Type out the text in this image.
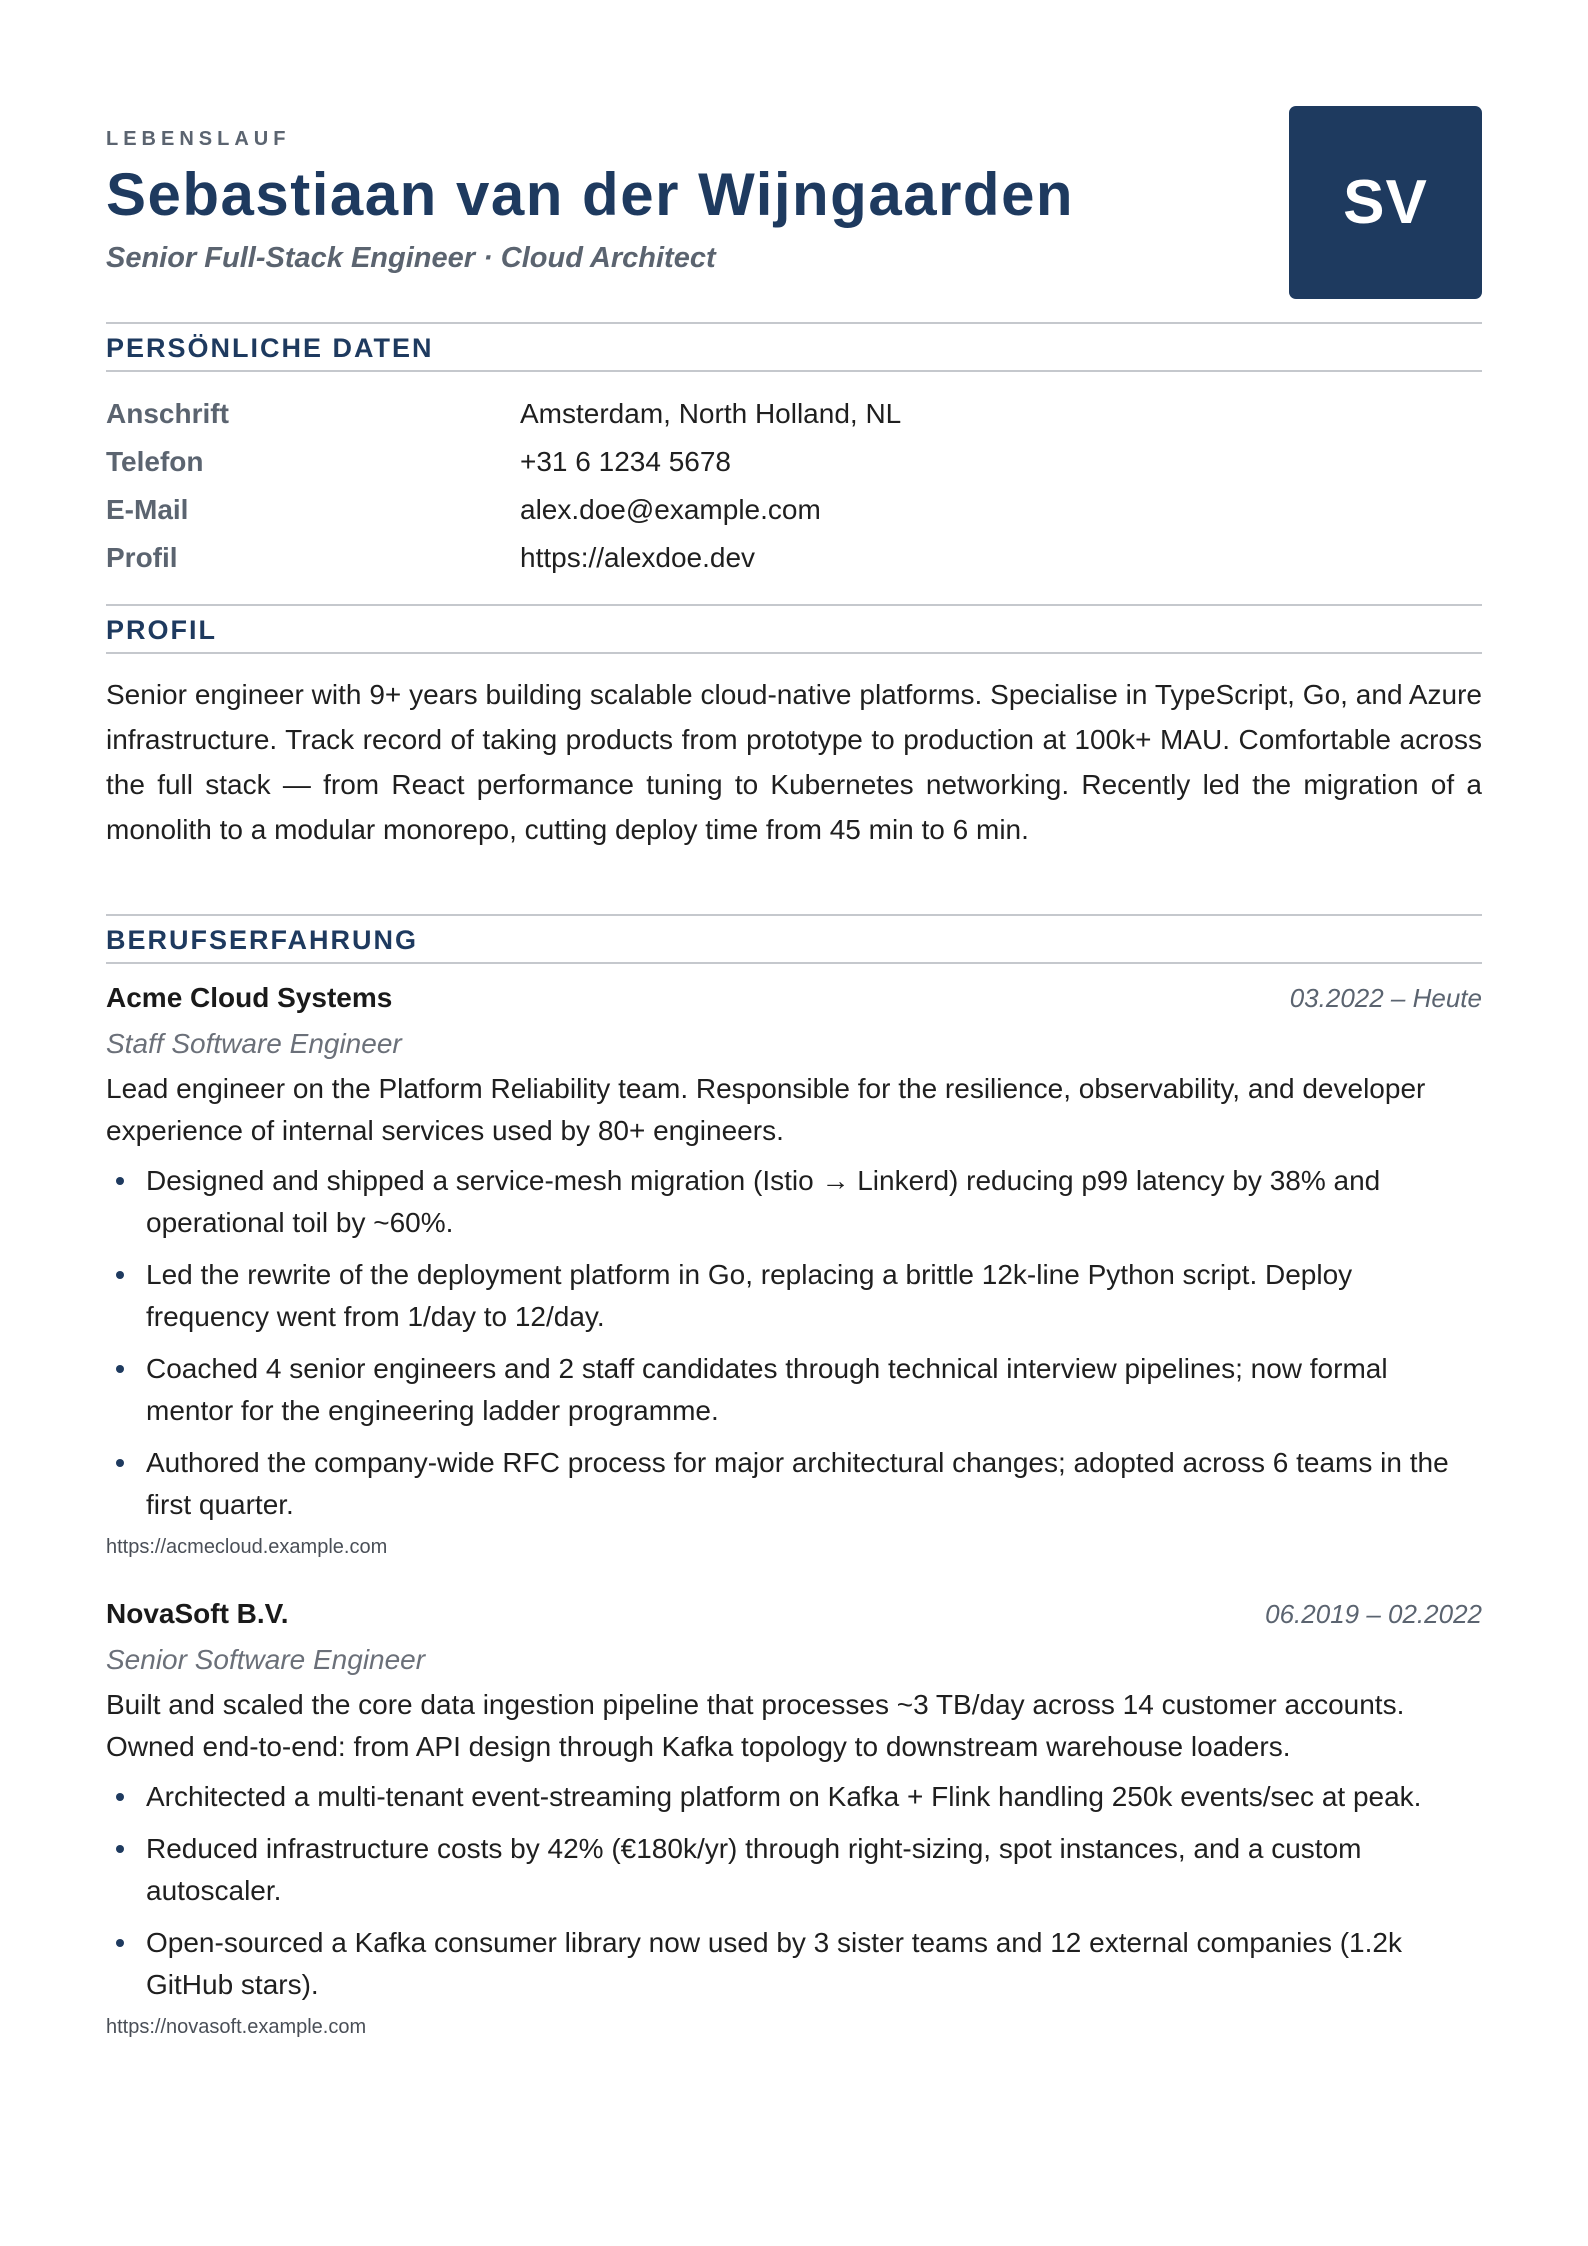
LEBENSLAUF
Sebastiaan van der Wijngaarden
Senior Full-Stack Engineer · Cloud Architect
SV
PERSÖNLICHE DATEN
Anschrift	Amsterdam, North Holland, NL
Telefon	+31 6 1234 5678
E-Mail	alex.doe@example.com
Profil	https://alexdoe.dev
PROFIL
Senior engineer with 9+ years building scalable cloud-native platforms. Specialise in TypeScript, Go, and Azure infrastructure. Track record of taking products from prototype to production at 100k+ MAU. Comfortable across the full stack — from React performance tuning to Kubernetes networking. Recently led the migration of a monolith to a modular monorepo, cutting deploy time from 45 min to 6 min.
BERUFSERFAHRUNG
Acme Cloud Systems	03.2022 – Heute
Staff Software Engineer
Lead engineer on the Platform Reliability team. Responsible for the resilience, observability, and developer experience of internal services used by 80+ engineers.
Designed and shipped a service-mesh migration (Istio → Linkerd) reducing p99 latency by 38% and operational toil by ~60%.
Led the rewrite of the deployment platform in Go, replacing a brittle 12k-line Python script. Deploy frequency went from 1/day to 12/day.
Coached 4 senior engineers and 2 staff candidates through technical interview pipelines; now formal mentor for the engineering ladder programme.
Authored the company-wide RFC process for major architectural changes; adopted across 6 teams in the first quarter.
https://acmecloud.example.com
NovaSoft B.V.	06.2019 – 02.2022
Senior Software Engineer
Built and scaled the core data ingestion pipeline that processes ~3 TB/day across 14 customer accounts. Owned end-to-end: from API design through Kafka topology to downstream warehouse loaders.
Architected a multi-tenant event-streaming platform on Kafka + Flink handling 250k events/sec at peak.
Reduced infrastructure costs by 42% (€180k/yr) through right-sizing, spot instances, and a custom autoscaler.
Open-sourced a Kafka consumer library now used by 3 sister teams and 12 external companies (1.2k GitHub stars).
https://novasoft.example.com
